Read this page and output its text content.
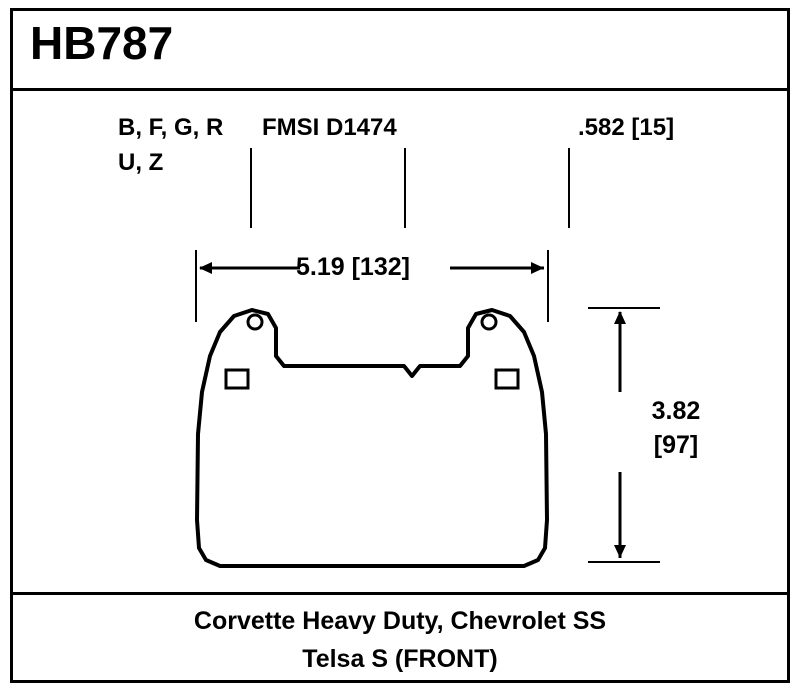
HB787
B, F, G, R
U, Z
FMSI D1474	.582 [15]
5.19 [132]
3.82
[97]
Corvette Heavy Duty, Chevrolet SS
Telsa S (FRONT)
